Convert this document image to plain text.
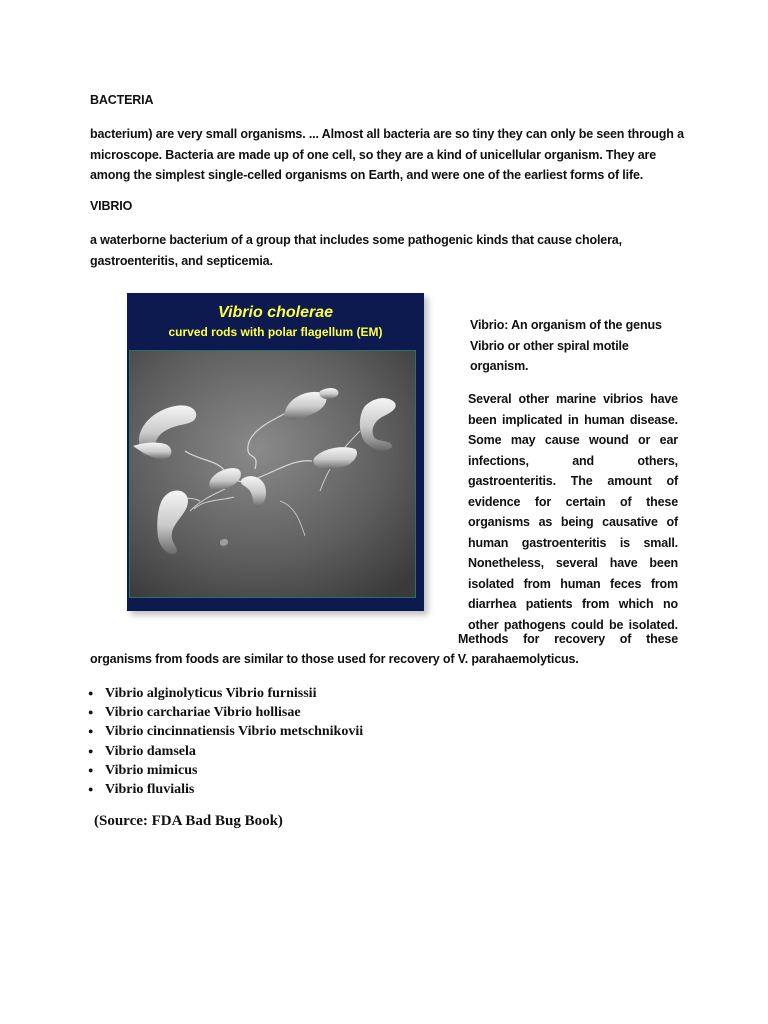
BACTERIA
bacterium) are very small organisms. ... Almost all bacteria are so tiny they can only be seen through a microscope. Bacteria are made up of one cell, so they are a kind of unicellular organism. They are among the simplest single-celled organisms on Earth, and were one of the earliest forms of life.
VIBRIO
a waterborne bacterium of a group that includes some pathogenic kinds that cause cholera, gastroenteritis, and septicemia.
Vibrio cholerae
curved rods with polar flagellum (EM)	Vibrio: An organism of the genus Vibrio or other spiral motile organism.
Several other marine vibrios have been implicated in human disease. Some may cause wound or ear infections, and others, gastroenteritis. The amount of evidence for certain of these organisms as being causative of human gastroenteritis is small. Nonetheless, several have been isolated from human feces from diarrhea patients from which no other pathogens could be isolated.
Methods for recovery of these
organisms from foods are similar to those used for recovery of V. parahaemolyticus.
● Vibrio alginolyticus Vibrio furnissii
● Vibrio carchariae Vibrio hollisae
● Vibrio cincinnatiensis Vibrio metschnikovii
● Vibrio damsela
● Vibrio mimicus
● Vibrio fluvialis
(Source: FDA Bad Bug Book)
